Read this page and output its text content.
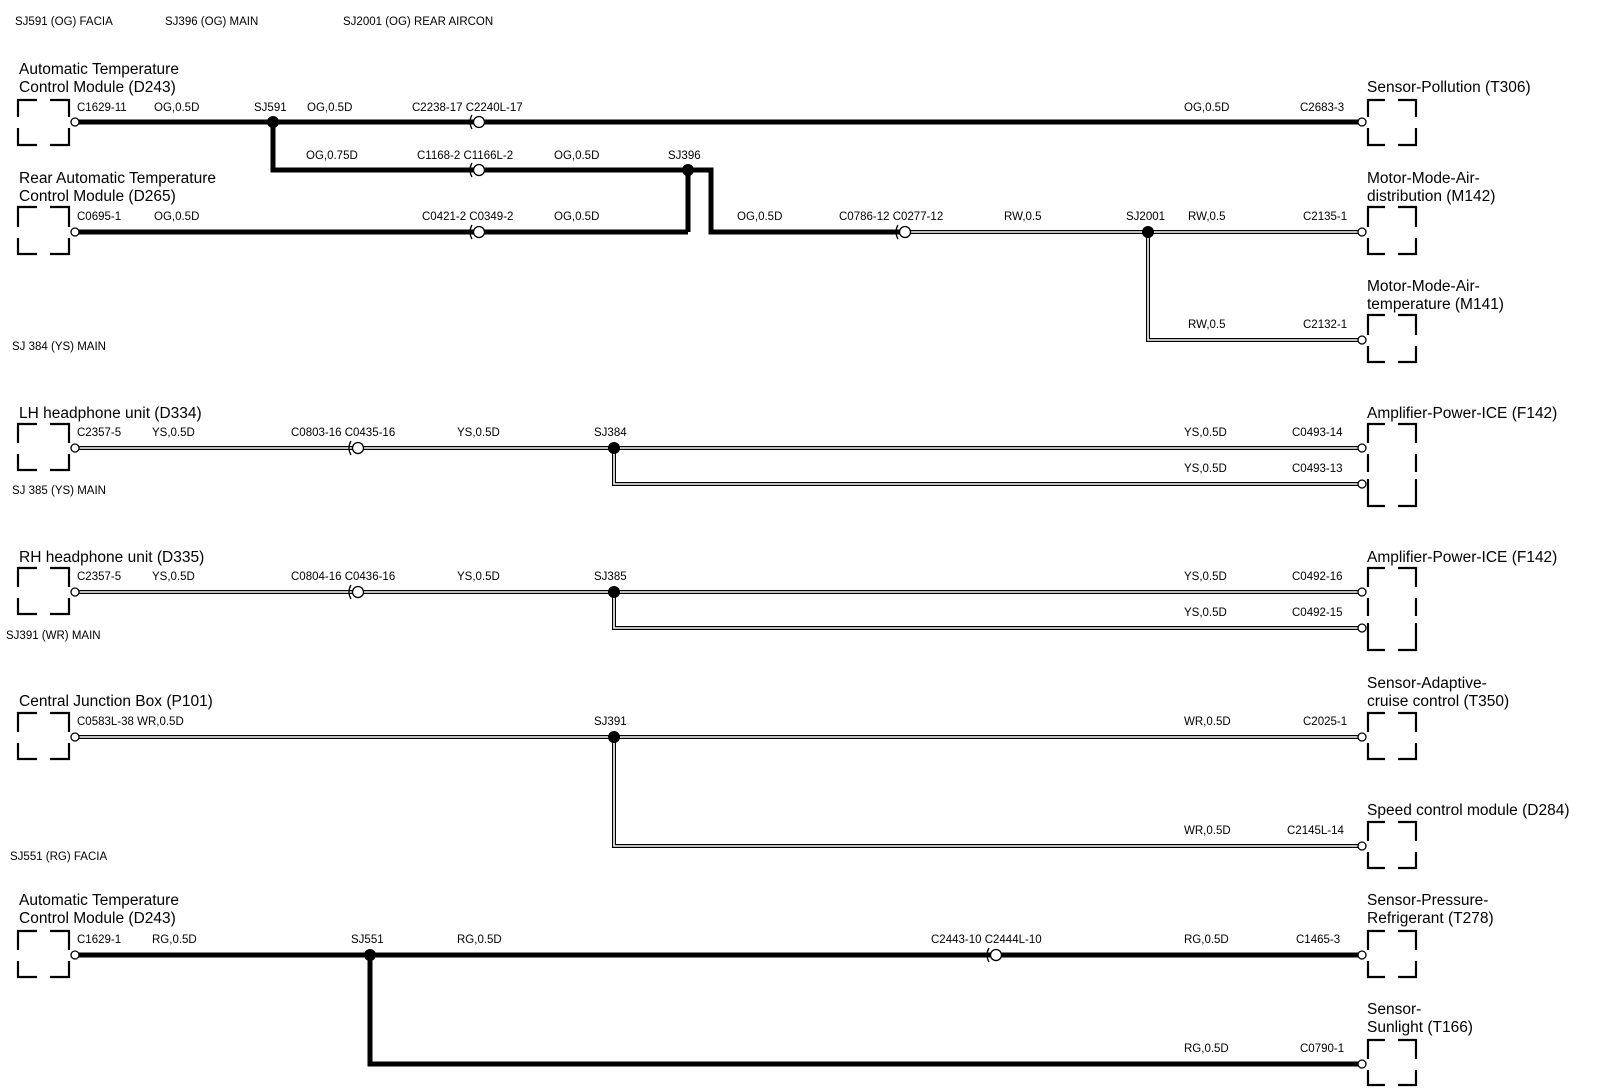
SJ591 (OG) FACIA	SJ396 (OG) MAIN	SJ2001 (OG) REAR AIRCON
SJ 384 (YS) MAIN
SJ 385 (YS) MAIN
SJ391 (WR) MAIN
SJ551 (RG) FACIA
Automatic Temperature
Control Module (D243)
Rear Automatic Temperature
Control Module (D265)
LH headphone unit (D334)
RH headphone unit (D335)
Central Junction Box (P101)
Automatic Temperature
Control Module (D243)
Sensor-Pollution (T306)
Motor-Mode-Air-
distribution (M142)
Motor-Mode-Air-
temperature (M141)
Amplifier-Power-ICE (F142)
Amplifier-Power-ICE (F142)
Sensor-Adaptive-
cruise control (T350)
Speed control module (D284)
Sensor-Pressure-
Refrigerant (T278)
Sensor-
Sunlight (T166)
C1629-11 OG,0.5D	SJ591 OG,0.5D	C2238-17 C2240L-17	OG,0.5D	C2683-3
OG,0.75D	C1168-2 C1166L-2	OG,0.5D	SJ396
C0695-1	OG,0.5D	C0421-2 C0349-2	OG,0.5D	OG,0.5D	C0786-12 C0277-12	RW,0.5	SJ2001 RW,0.5	C2135-1
RW,0.5	C2132-1
C2357-5	YS,0.5D	C0803-16 C0435-16	YS,0.5D	SJ384	YS,0.5D	C0493-14
YS,0.5D	C0493-13
C2357-5	YS,0.5D	C0804-16 C0436-16	YS,0.5D	SJ385	YS,0.5D	C0492-16
YS,0.5D	C0492-15
C0583L-38 WR,0.5D	SJ391	WR,0.5D	C2025-1
WR,0.5D	C2145L-14
C1629-1	RG,0.5D	SJ551	RG,0.5D	C2443-10 C2444L-10	RG,0.5D	C1465-3
RG,0.5D	C0790-1
